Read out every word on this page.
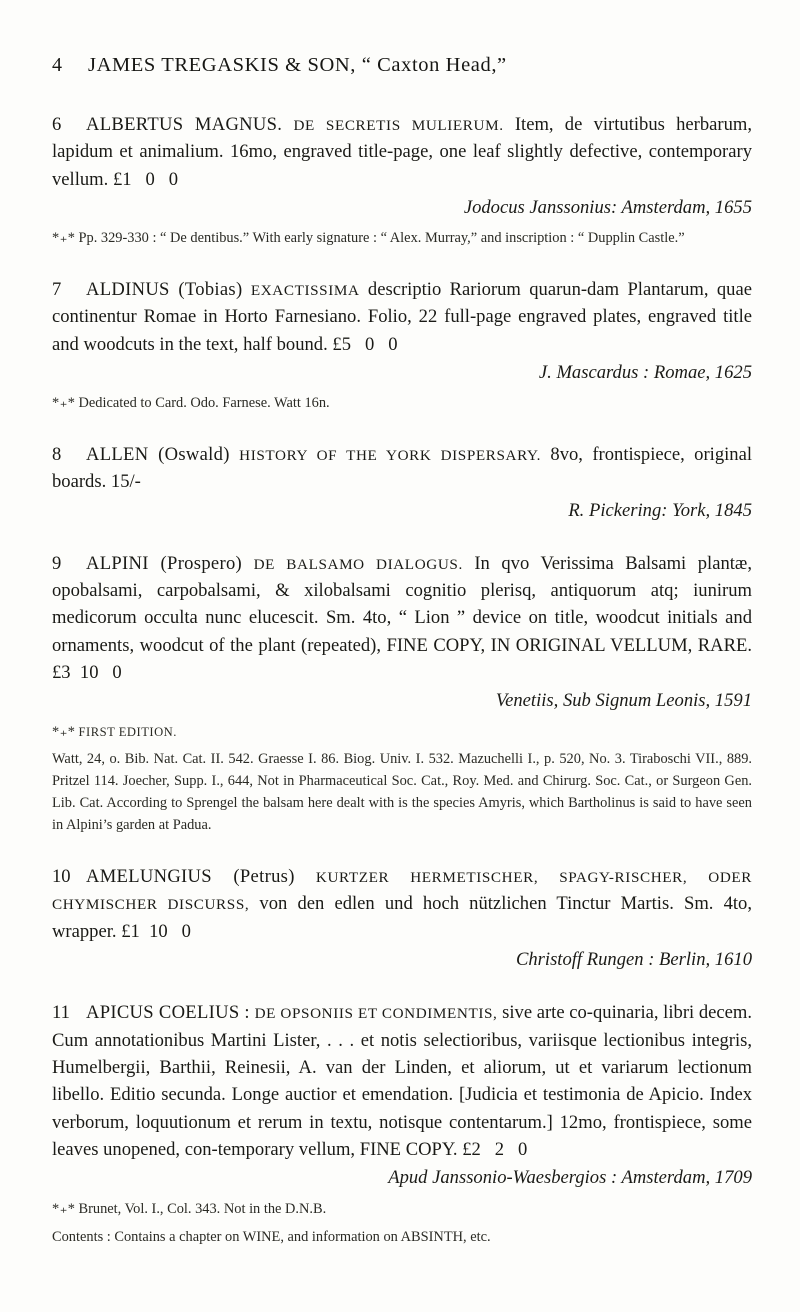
4	JAMES TREGASKIS & SON, “ Caxton Head,”
6 ALBERTUS MAGNUS. DE SECRETIS MULIERUM. Item, de virtutibus herbarum, lapidum et animalium. 16mo, engraved title-page, one leaf slightly defective, contemporary vellum. £1   0   0
Jodocus Janssonius: Amsterdam, 1655
*₊* Pp. 329-330 : “ De dentibus.” With early signature : “ Alex. Murray,” and inscription : “ Dupplin Castle.”
7 ALDINUS (Tobias) EXACTISSIMA descriptio Rariorum quarun-dam Plantarum, quae continentur Romae in Horto Farnesiano. Folio, 22 full-page engraved plates, engraved title and woodcuts in the text, half bound. £5   0   0
J. Mascardus : Romae, 1625
*₊* Dedicated to Card. Odo. Farnese. Watt 16n.
8 ALLEN (Oswald) HISTORY OF THE YORK DISPERSARY. 8vo, frontispiece, original boards. 15/-
R. Pickering: York, 1845
9 ALPINI (Prospero) DE BALSAMO DIALOGUS. In qvo Verissima Balsami plantæ, opobalsami, carpobalsami, & xilobalsami cognitio plerisq, antiquorum atq; iunirum medicorum occulta nunc elucescit. Sm. 4to, “ Lion ” device on title, woodcut initials and ornaments, woodcut of the plant (repeated), FINE COPY, IN ORIGINAL VELLUM, RARE. £3  10   0
Venetiis, Sub Signum Leonis, 1591
*₊* FIRST EDITION.
Watt, 24, o. Bib. Nat. Cat. II. 542. Graesse I. 86. Biog. Univ. I. 532. Mazuchelli I., p. 520, No. 3. Tiraboschi VII., 889. Pritzel 114. Joecher, Supp. I., 644, Not in Pharmaceutical Soc. Cat., Roy. Med. and Chirurg. Soc. Cat., or Surgeon Gen. Lib. Cat. According to Sprengel the balsam here dealt with is the species Amyris, which Bartholinus is said to have seen in Alpini’s garden at Padua.
10 AMELUNGIUS (Petrus) KURTZER HERMETISCHER, SPAGY-RISCHER, ODER CHYMISCHER DISCURSS, von den edlen und hoch nützlichen Tinctur Martis. Sm. 4to, wrapper. £1  10   0
Christoff Rungen : Berlin, 1610
11 APICUS COELIUS : DE OPSONIIS ET CONDIMENTIS, sive arte co-quinaria, libri decem. Cum annotationibus Martini Lister, . . . et notis selectioribus, variisque lectionibus integris, Humelbergii, Barthii, Reinesii, A. van der Linden, et aliorum, ut et variarum lectionum libello. Editio secunda. Longe auctior et emendation. [Judicia et testimonia de Apicio. Index verborum, loquutionum et rerum in textu, notisque contentarum.] 12mo, frontispiece, some leaves unopened, con-temporary vellum, FINE COPY. £2   2   0
Apud Janssonio-Waesbergios : Amsterdam, 1709
*₊* Brunet, Vol. I., Col. 343. Not in the D.N.B.
Contents : Contains a chapter on WINE, and information on ABSINTH, etc.
